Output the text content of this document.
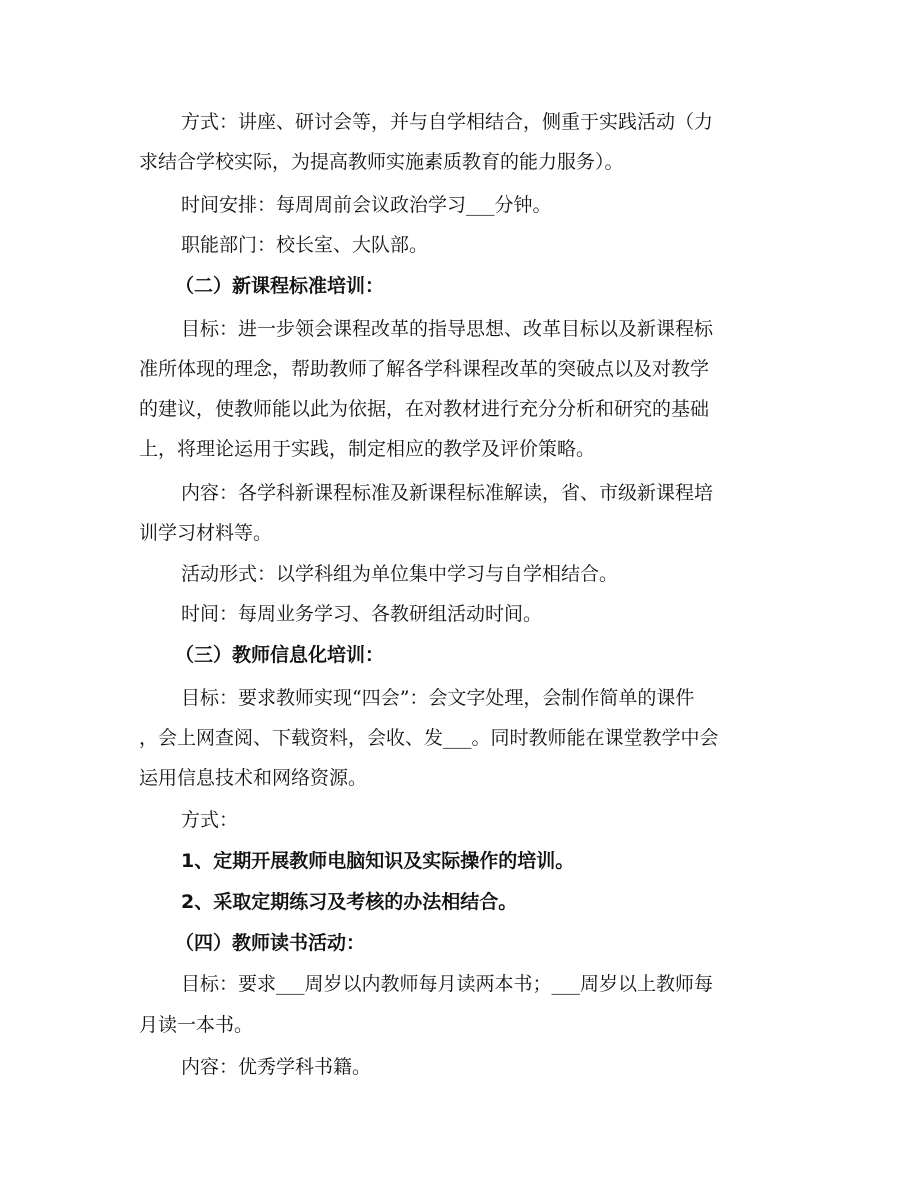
方式：讲座、研讨会等，并与自学相结合，侧重于实践活动（力
求结合学校实际，为提高教师实施素质教育的能力服务）。
时间安排：每周周前会议政治学习___分钟。
职能部门：校长室、大队部。
（二）新课程标准培训：
目标：进一步领会课程改革的指导思想、改革目标以及新课程标
准所体现的理念，帮助教师了解各学科课程改革的突破点以及对教学
的建议，使教师能以此为依据，在对教材进行充分分析和研究的基础
上，将理论运用于实践，制定相应的教学及评价策略。
内容：各学科新课程标准及新课程标准解读，省、市级新课程培
训学习材料等。
活动形式：以学科组为单位集中学习与自学相结合。
时间：每周业务学习、各教研组活动时间。
（三）教师信息化培训：
目标：要求教师实现“四会”：会文字处理，会制作简单的课件
，会上网查阅、下载资料，会收、发___。同时教师能在课堂教学中会
运用信息技术和网络资源。
方式：
1、定期开展教师电脑知识及实际操作的培训。
2、采取定期练习及考核的办法相结合。
（四）教师读书活动：
目标：要求___周岁以内教师每月读两本书；___周岁以上教师每
月读一本书。
内容：优秀学科书籍。
